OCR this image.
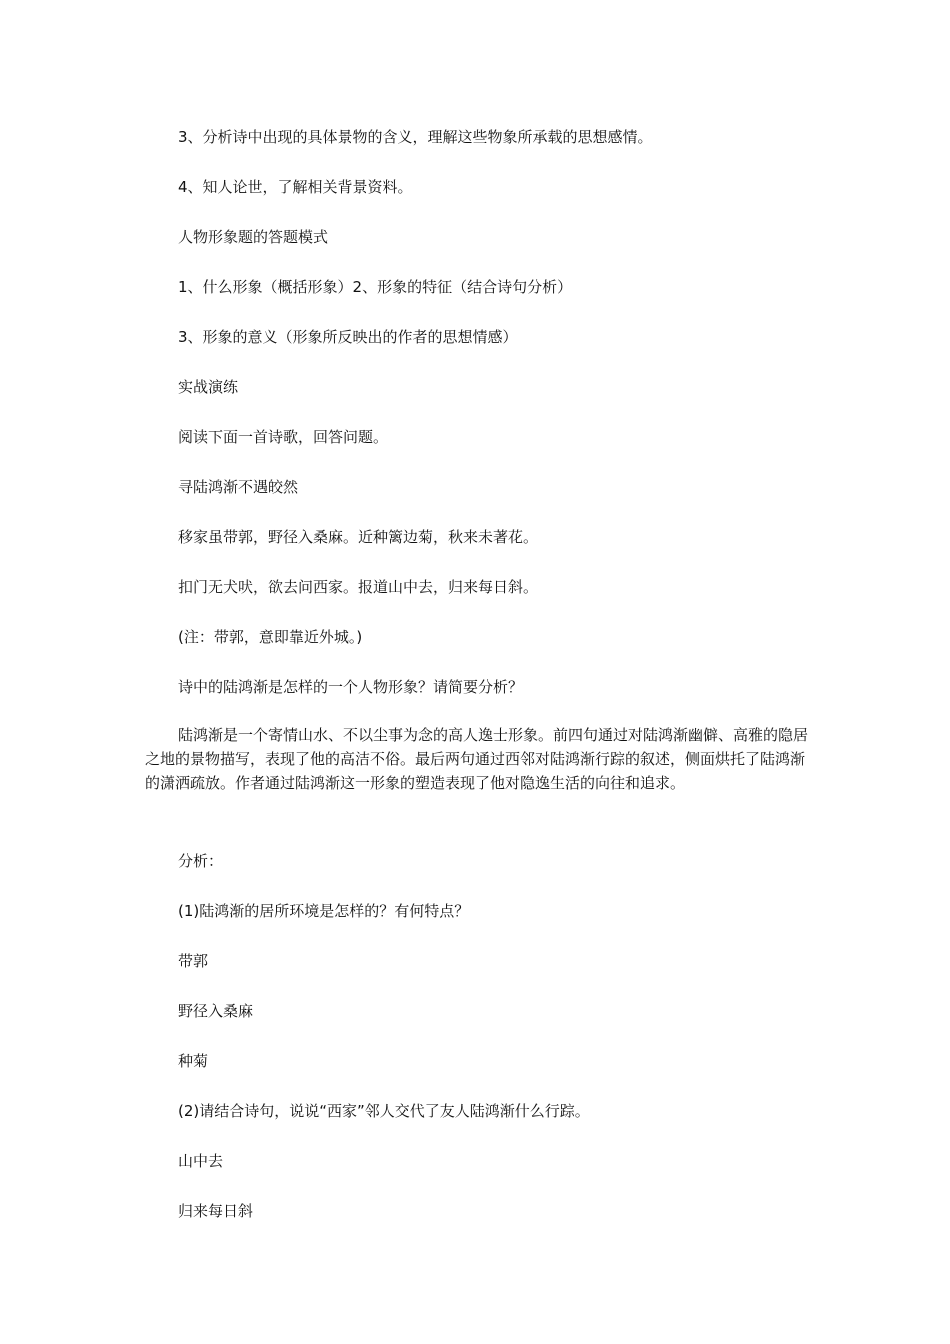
3、分析诗中出现的具体景物的含义，理解这些物象所承载的思想感情。

4、知人论世，了解相关背景资料。

人物形象题的答题模式

1、什么形象（概括形象）2、形象的特征（结合诗句分析）

3、形象的意义（形象所反映出的作者的思想情感）

实战演练

阅读下面一首诗歌，回答问题。

寻陆鸿渐不遇皎然

移家虽带郭，野径入桑麻。近种篱边菊，秋来未著花。

扣门无犬吠，欲去问西家。报道山中去，归来每日斜。

(注：带郭，意即靠近外城。)

诗中的陆鸿渐是怎样的一个人物形象？请简要分析？

陆鸿渐是一个寄情山水、不以尘事为念的高人逸士形象。前四句通过对陆鸿渐幽僻、高雅的隐居之地的景物描写，表现了他的高洁不俗。最后两句通过西邻对陆鸿渐行踪的叙述，侧面烘托了陆鸿渐的潇洒疏放。作者通过陆鸿渐这一形象的塑造表现了他对隐逸生活的向往和追求。

分析：

(1)陆鸿渐的居所环境是怎样的？有何特点？

带郭

野径入桑麻

种菊

(2)请结合诗句，说说“西家”邻人交代了友人陆鸿渐什么行踪。

山中去

归来每日斜
